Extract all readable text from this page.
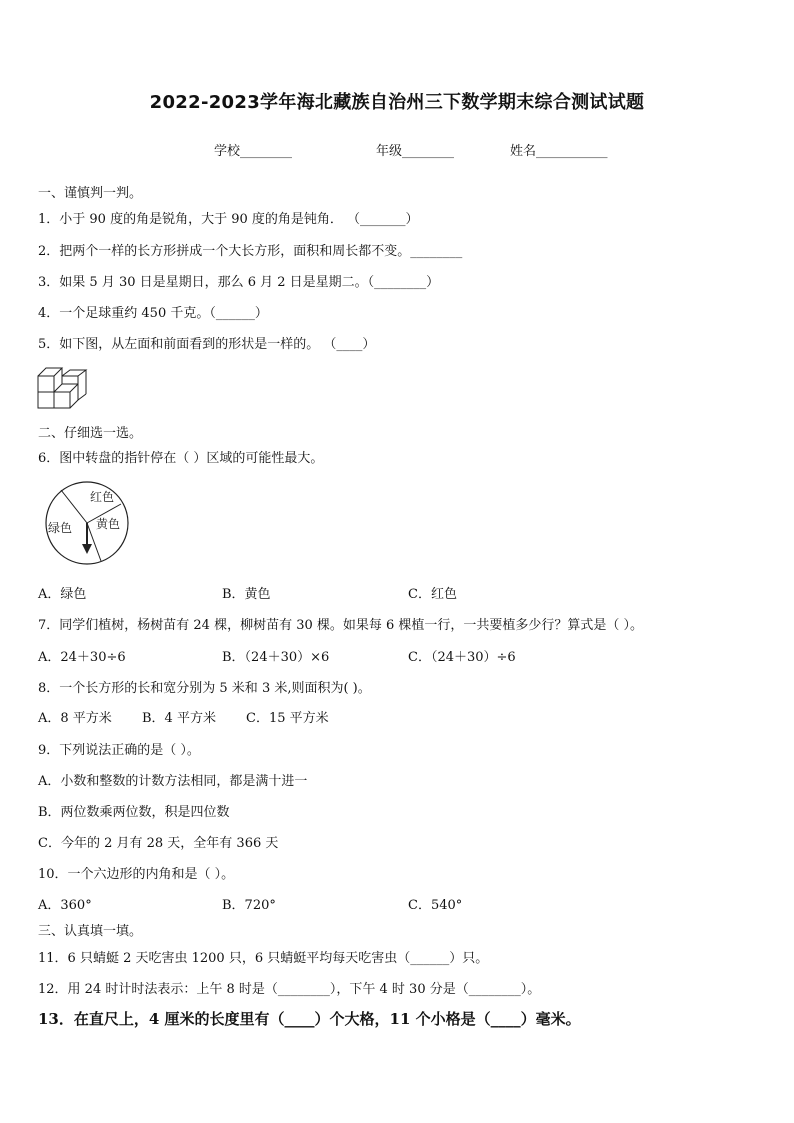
2022-2023学年海北藏族自治州三下数学期末综合测试试题
学校________	年级________	姓名___________
一、谨慎判一判。
1．小于 90 度的角是锐角，大于 90 度的角是钝角． （_______）
2．把两个一样的长方形拼成一个大长方形，面积和周长都不变。________
3．如果 5 月 30 日是星期日，那么 6 月 2 日是星期二。（________）
4．一个足球重约 450 千克。（______）
5．如下图，从左面和前面看到的形状是一样的。 （____）
二、仔细选一选。
6．图中转盘的指针停在（ ）区域的可能性最大。
红色
黄色
绿色
A．绿色	B．黄色	C．红色
7．同学们植树，杨树苗有 24 棵，柳树苗有 30 棵。如果每 6 棵植一行，一共要植多少行？算式是（ ）。
A．24＋30÷6	B．（24＋30）×6	C．（24＋30）÷6
8．一个长方形的长和宽分别为 5 米和 3 米,则面积为( )。
A．8 平方米 B．4 平方米 C．15 平方米
9．下列说法正确的是（ ）。
A．小数和整数的计数方法相同，都是满十进一
B．两位数乘两位数，积是四位数
C．今年的 2 月有 28 天，全年有 366 天
10．一个六边形的内角和是（ ）。
A．360°	B．720°	C．540°
三、认真填一填。
11．6 只蜻蜓 2 天吃害虫 1200 只，6 只蜻蜓平均每天吃害虫（______）只。
12．用 24 时计时法表示：上午 8 时是（________），下午 4 时 30 分是（________）。
13．在直尺上，4 厘米的长度里有（____）个大格，11 个小格是（____）毫米。
